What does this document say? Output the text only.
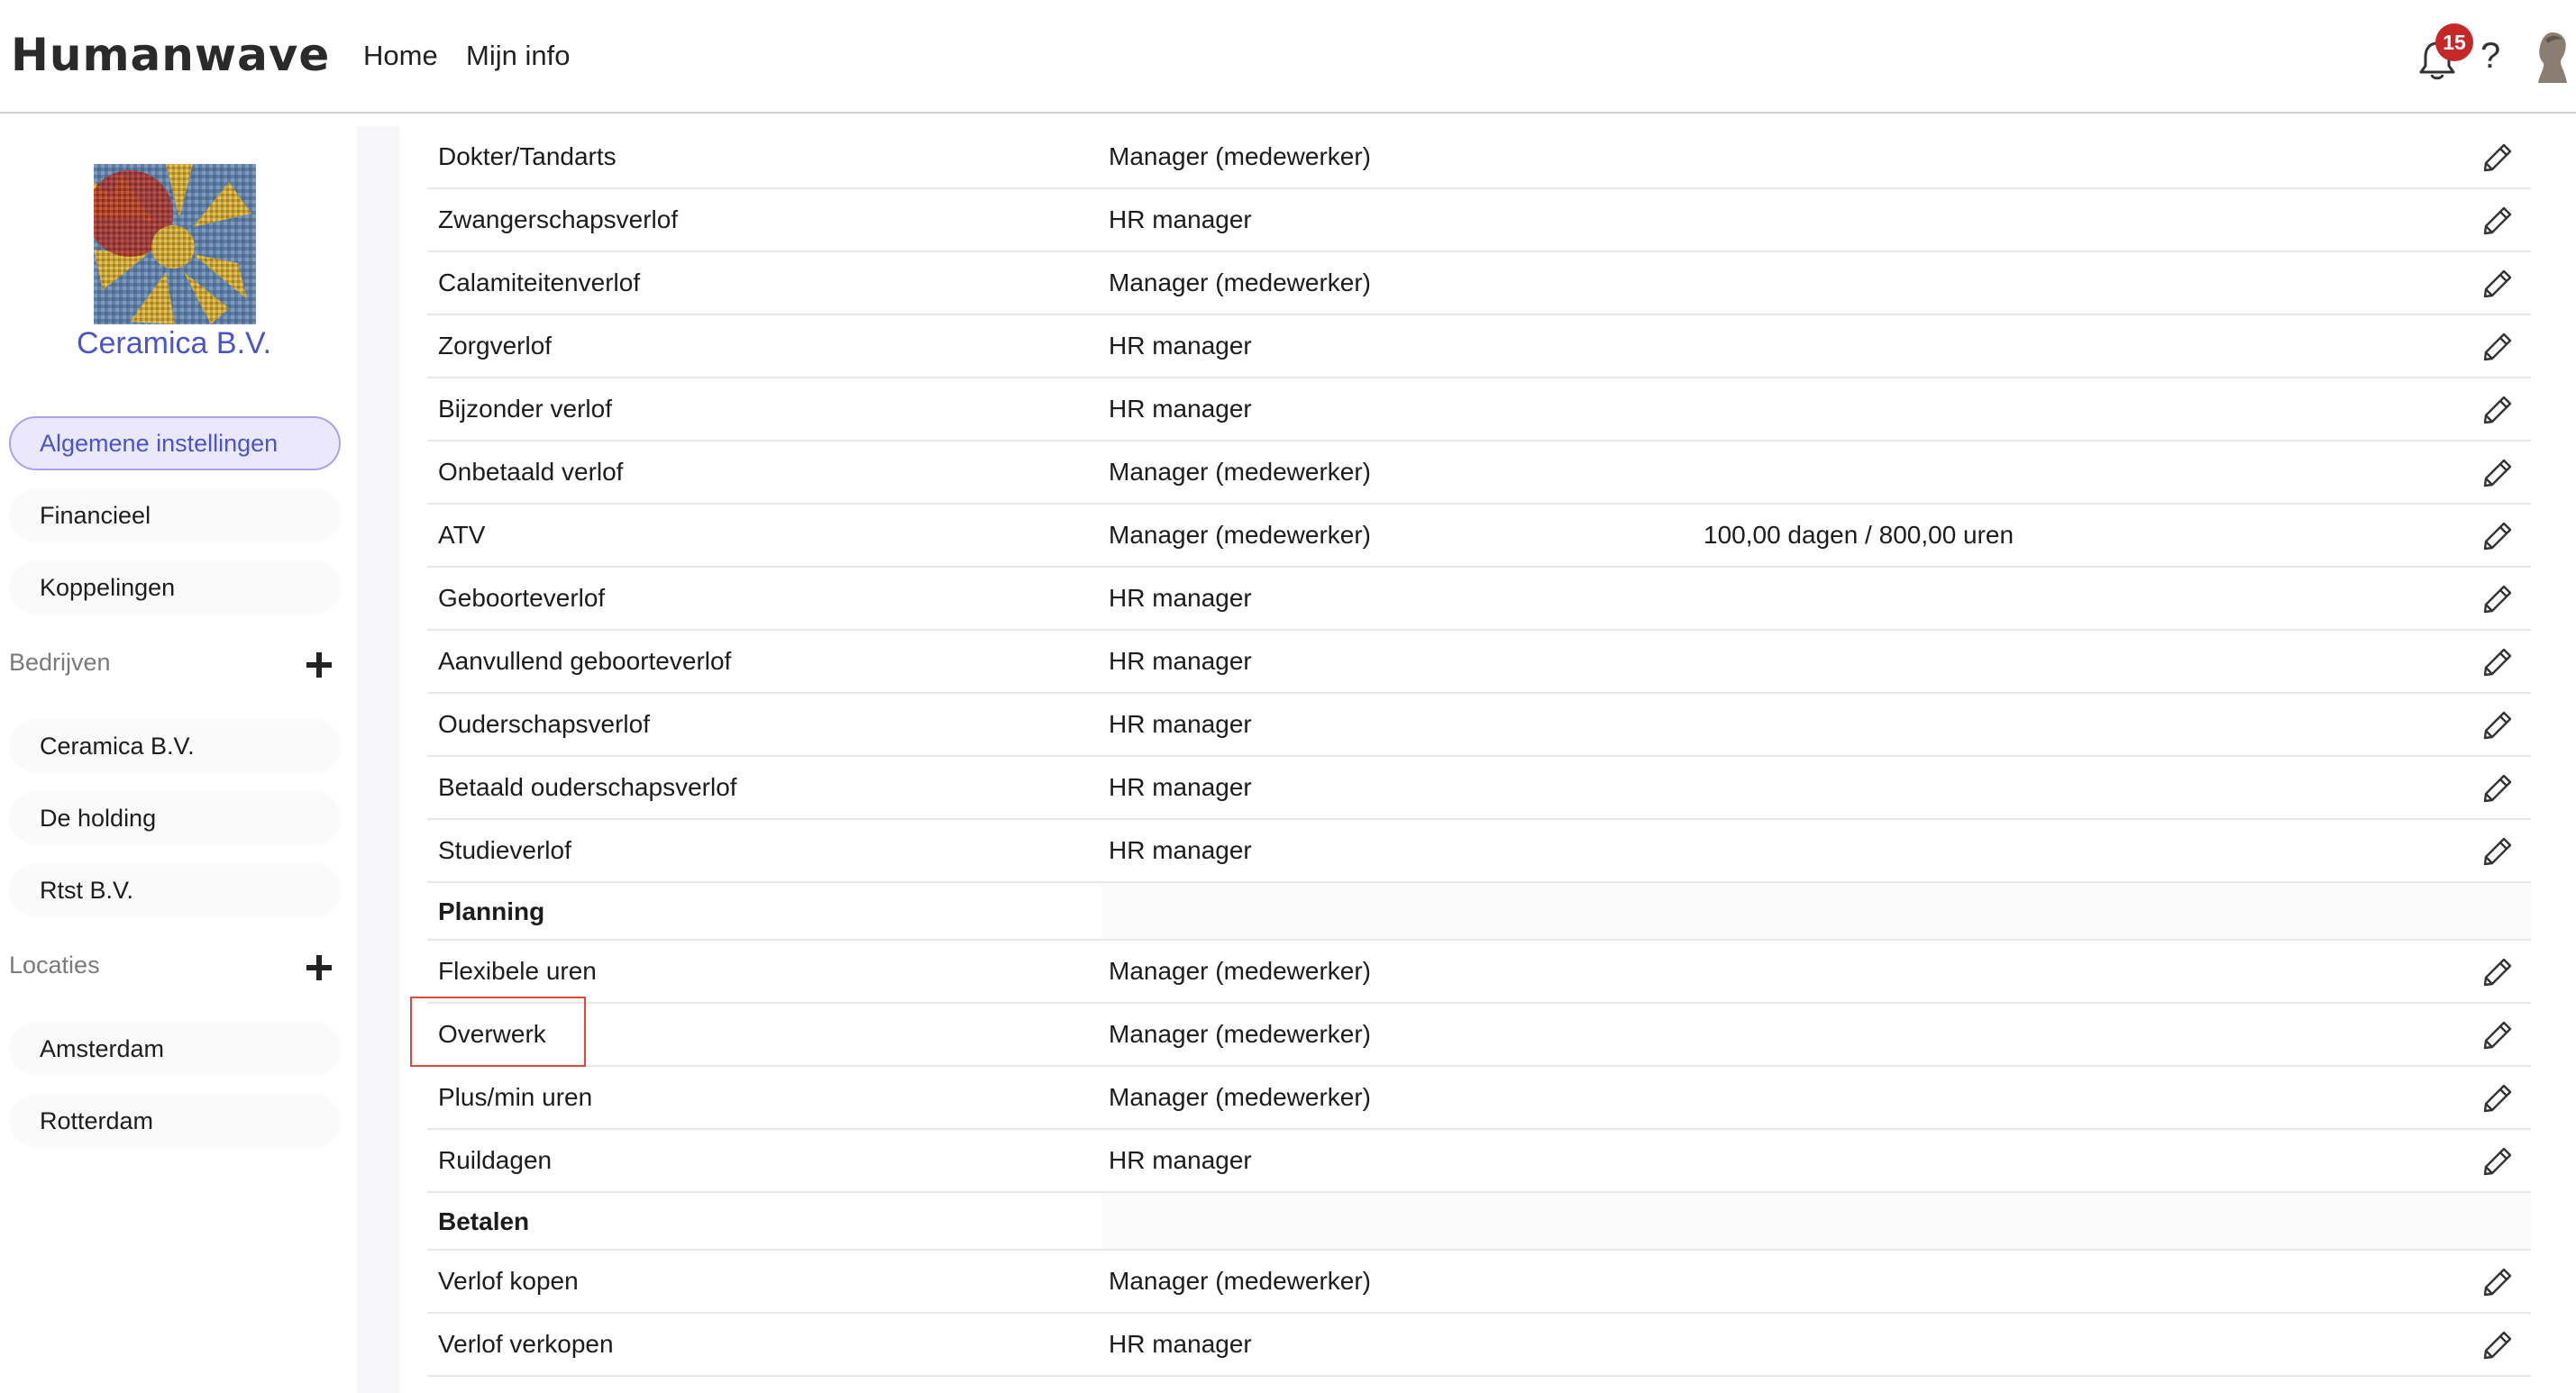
Humanwave Home Mijn info	15 ?
Ceramica B.V.
Algemene instellingen
Financieel
Koppelingen
Bedrijven
Ceramica B.V.
De holding
Rtst B.V.
Locaties
Amsterdam
Rotterdam
Dokter/Tandarts	Manager (medewerker)
Zwangerschapsverlof	HR manager
Calamiteitenverlof	Manager (medewerker)
Zorgverlof	HR manager
Bijzonder verlof	HR manager
Onbetaald verlof	Manager (medewerker)
ATV	Manager (medewerker)	100,00 dagen / 800,00 uren
Geboorteverlof	HR manager
Aanvullend geboorteverlof	HR manager
Ouderschapsverlof	HR manager
Betaald ouderschapsverlof	HR manager
Studieverlof	HR manager
Planning
Flexibele uren	Manager (medewerker)
Overwerk	Manager (medewerker)
Plus/min uren	Manager (medewerker)
Ruildagen	HR manager
Betalen
Verlof kopen	Manager (medewerker)
Verlof verkopen	HR manager
